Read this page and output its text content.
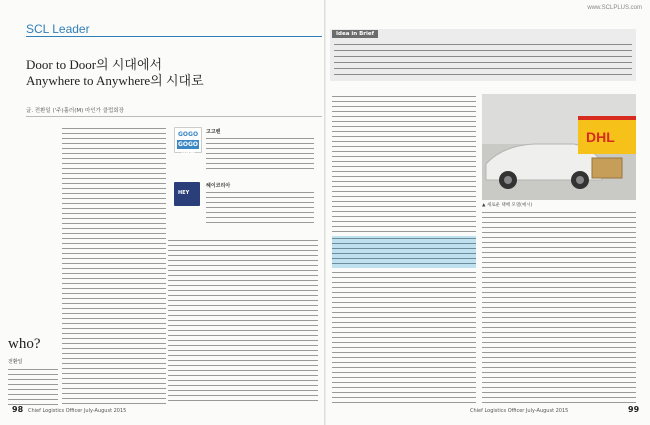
www.SCLPLUS.com
SCL Leader
Door to Door의 시대에서
Anywhere to Anywhere의 시대로
글. 전환일 ('주)흘러(M) 마인가 클럽회장
GOGO
GOGO VAN
고고밴
HEY
헤이코리아
who?
전환일
98 Chief Logistics Officer July-August 2015
Idea in Brief
DHL
▲ 새로운 택배 모델(예시)
Chief Logistics Officer July-August 2015	99
